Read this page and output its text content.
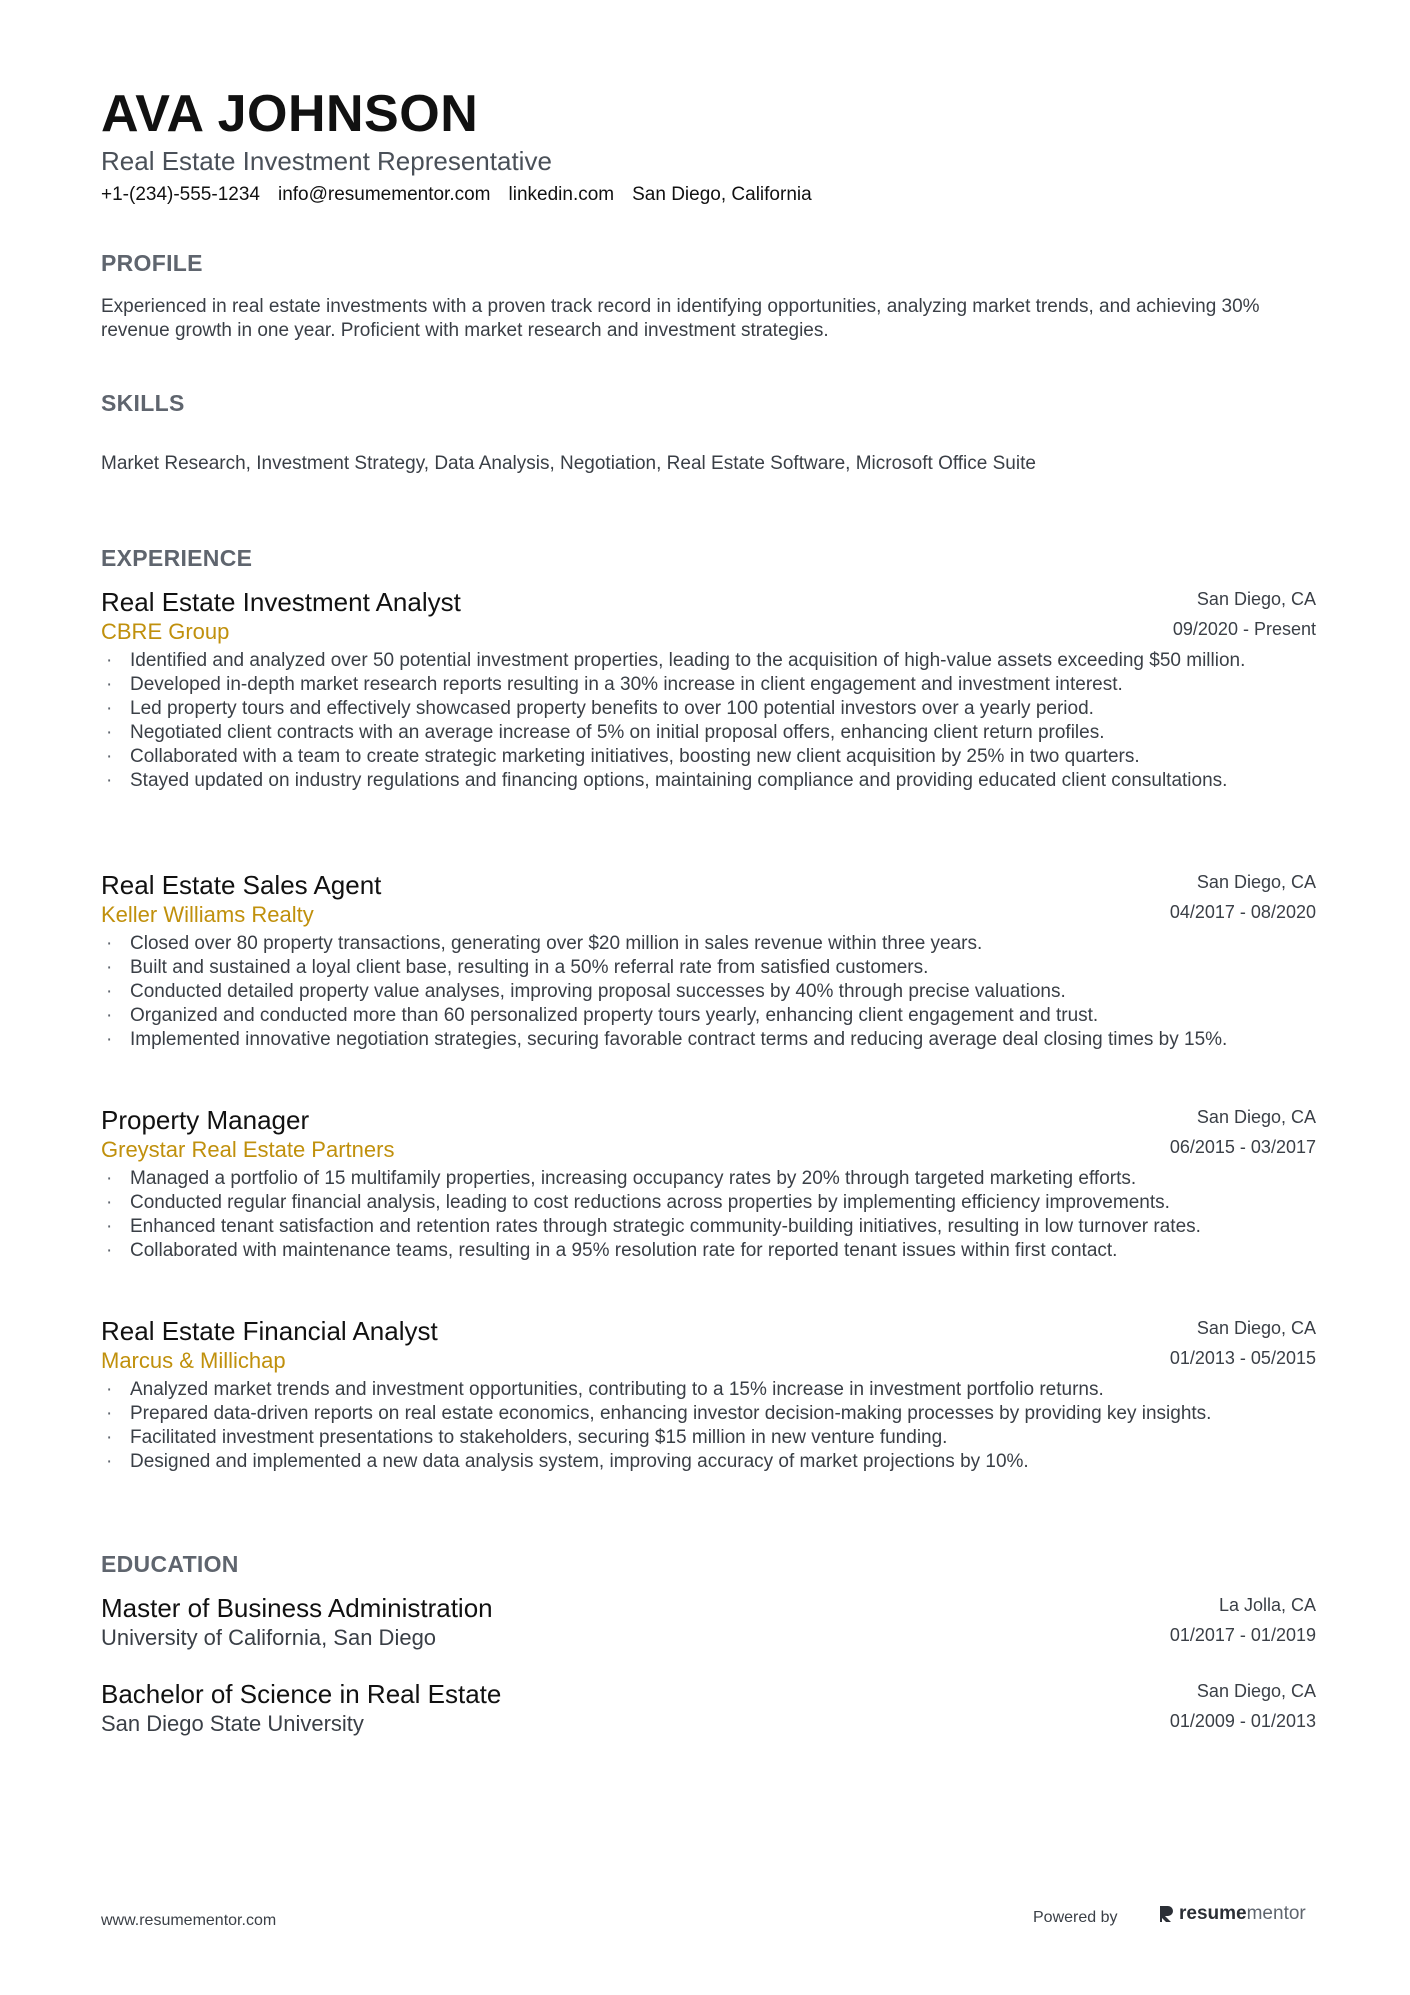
AVA JOHNSON
Real Estate Investment Representative
+1-(234)-555-1234 info@resumementor.com linkedin.com San Diego, California
PROFILE
Experienced in real estate investments with a proven track record in identifying opportunities, analyzing market trends, and achieving 30% revenue growth in one year. Proficient with market research and investment strategies.
SKILLS
Market Research, Investment Strategy, Data Analysis, Negotiation, Real Estate Software, Microsoft Office Suite
EXPERIENCE
Real Estate Investment Analyst
CBRE Group
San Diego, CA
09/2020 - Present
· Identified and analyzed over 50 potential investment properties, leading to the acquisition of high-value assets exceeding $50 million.
· Developed in-depth market research reports resulting in a 30% increase in client engagement and investment interest.
· Led property tours and effectively showcased property benefits to over 100 potential investors over a yearly period.
· Negotiated client contracts with an average increase of 5% on initial proposal offers, enhancing client return profiles.
· Collaborated with a team to create strategic marketing initiatives, boosting new client acquisition by 25% in two quarters.
· Stayed updated on industry regulations and financing options, maintaining compliance and providing educated client consultations.
Real Estate Sales Agent
Keller Williams Realty
San Diego, CA
04/2017 - 08/2020
· Closed over 80 property transactions, generating over $20 million in sales revenue within three years.
· Built and sustained a loyal client base, resulting in a 50% referral rate from satisfied customers.
· Conducted detailed property value analyses, improving proposal successes by 40% through precise valuations.
· Organized and conducted more than 60 personalized property tours yearly, enhancing client engagement and trust.
· Implemented innovative negotiation strategies, securing favorable contract terms and reducing average deal closing times by 15%.
Property Manager
Greystar Real Estate Partners
San Diego, CA
06/2015 - 03/2017
· Managed a portfolio of 15 multifamily properties, increasing occupancy rates by 20% through targeted marketing efforts.
· Conducted regular financial analysis, leading to cost reductions across properties by implementing efficiency improvements.
· Enhanced tenant satisfaction and retention rates through strategic community-building initiatives, resulting in low turnover rates.
· Collaborated with maintenance teams, resulting in a 95% resolution rate for reported tenant issues within first contact.
Real Estate Financial Analyst
Marcus & Millichap
San Diego, CA
01/2013 - 05/2015
· Analyzed market trends and investment opportunities, contributing to a 15% increase in investment portfolio returns.
· Prepared data-driven reports on real estate economics, enhancing investor decision-making processes by providing key insights.
· Facilitated investment presentations to stakeholders, securing $15 million in new venture funding.
· Designed and implemented a new data analysis system, improving accuracy of market projections by 10%.
EDUCATION
Master of Business Administration
University of California, San Diego
La Jolla, CA
01/2017 - 01/2019
Bachelor of Science in Real Estate
San Diego State University
San Diego, CA
01/2009 - 01/2013
www.resumementor.com	Powered by	resumementor
